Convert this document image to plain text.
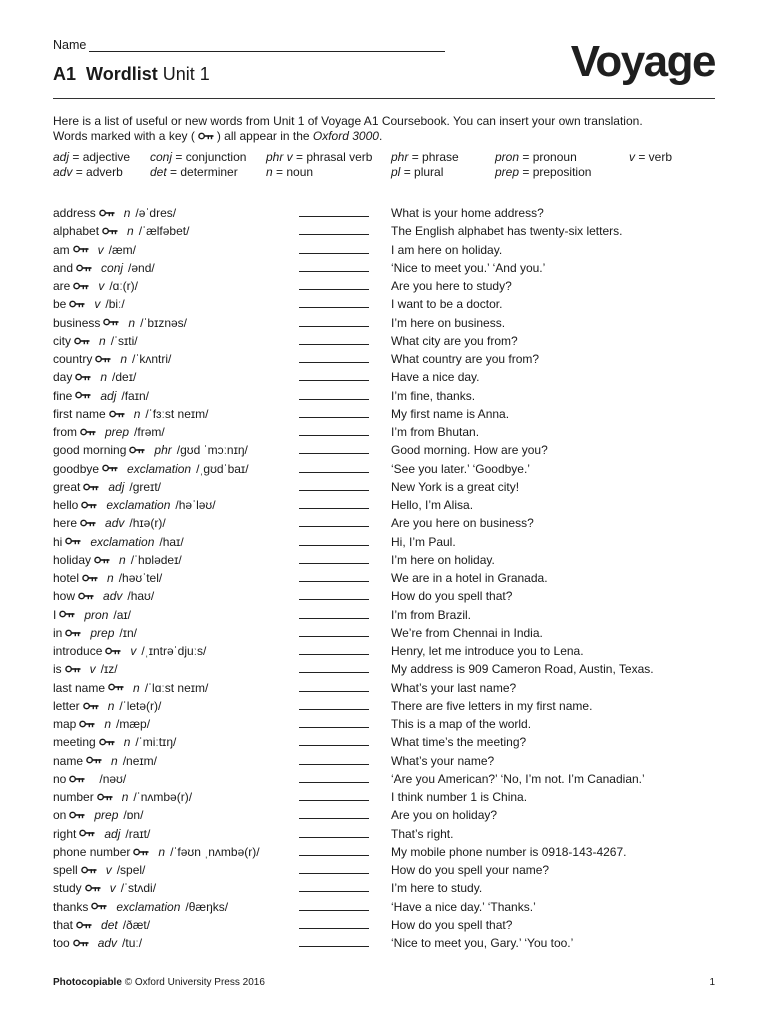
Name
A1 Wordlist Unit 1	Voyage
Here is a list of useful or new words from Unit 1 of Voyage A1 Coursebook. You can insert your own translation.
Words marked with a key ( ) all appear in the Oxford 3000.
adj = adjective conj = conjunction phr v = phrasal verb phr = phrase	pron = pronoun	v = verb
adv = adverb det = determiner n = noun	pl = plural	prep = preposition
address n /əˈdres/	What is your home address?
alphabet n /ˈælfəbet/	The English alphabet has twenty-six letters.
am v /æm/	I am here on holiday.
and conj /ənd/	‘Nice to meet you.’ ‘And you.’
are v /ɑː(r)/	Are you here to study?
be v /biː/	I want to be a doctor.
business n /ˈbɪznəs/	I’m here on business.
city n /ˈsɪti/	What city are you from?
country n /ˈkʌntri/	What country are you from?
day n /deɪ/	Have a nice day.
fine adj /faɪn/	I’m fine, thanks.
first name n /ˈfɜːst neɪm/	My first name is Anna.
from prep /frəm/	I’m from Bhutan.
good morning phr /ɡʊd ˈmɔːnɪŋ/	Good morning. How are you?
goodbye exclamation /ˌɡʊdˈbaɪ/	‘See you later.’ ‘Goodbye.’
great adj /ɡreɪt/	New York is a great city!
hello exclamation /həˈləʊ/	Hello, I’m Alisa.
here adv /hɪə(r)/	Are you here on business?
hi exclamation /haɪ/	Hi, I’m Paul.
holiday n /ˈhɒlədeɪ/	I’m here on holiday.
hotel n /həʊˈtel/	We are in a hotel in Granada.
how adv /haʊ/	How do you spell that?
I pron /aɪ/	I’m from Brazil.
in prep /ɪn/	We’re from Chennai in India.
introduce v /ˌɪntrəˈdjuːs/	Henry, let me introduce you to Lena.
is v /ɪz/	My address is 909 Cameron Road, Austin, Texas.
last name n /ˈlɑːst neɪm/	What’s your last name?
letter n /ˈletə(r)/	There are five letters in my first name.
map n /mæp/	This is a map of the world.
meeting n /ˈmiːtɪŋ/	What time’s the meeting?
name n /neɪm/	What’s your name?
no	/nəʊ/	‘Are you American?’ ‘No, I’m not. I’m Canadian.’
number n /ˈnʌmbə(r)/	I think number 1 is China.
on prep /ɒn/	Are you on holiday?
right adj /raɪt/	That’s right.
phone number n /ˈfəʊn ˌnʌmbə(r)/	My mobile phone number is 0918-143-4267.
spell v /spel/	How do you spell your name?
study v /ˈstʌdi/	I’m here to study.
thanks exclamation /θæŋks/	‘Have a nice day.’ ‘Thanks.’
that det /ðæt/	How do you spell that?
too adv /tuː/	‘Nice to meet you, Gary.’ ‘You too.’
Photocopiable © Oxford University Press 2016	1
